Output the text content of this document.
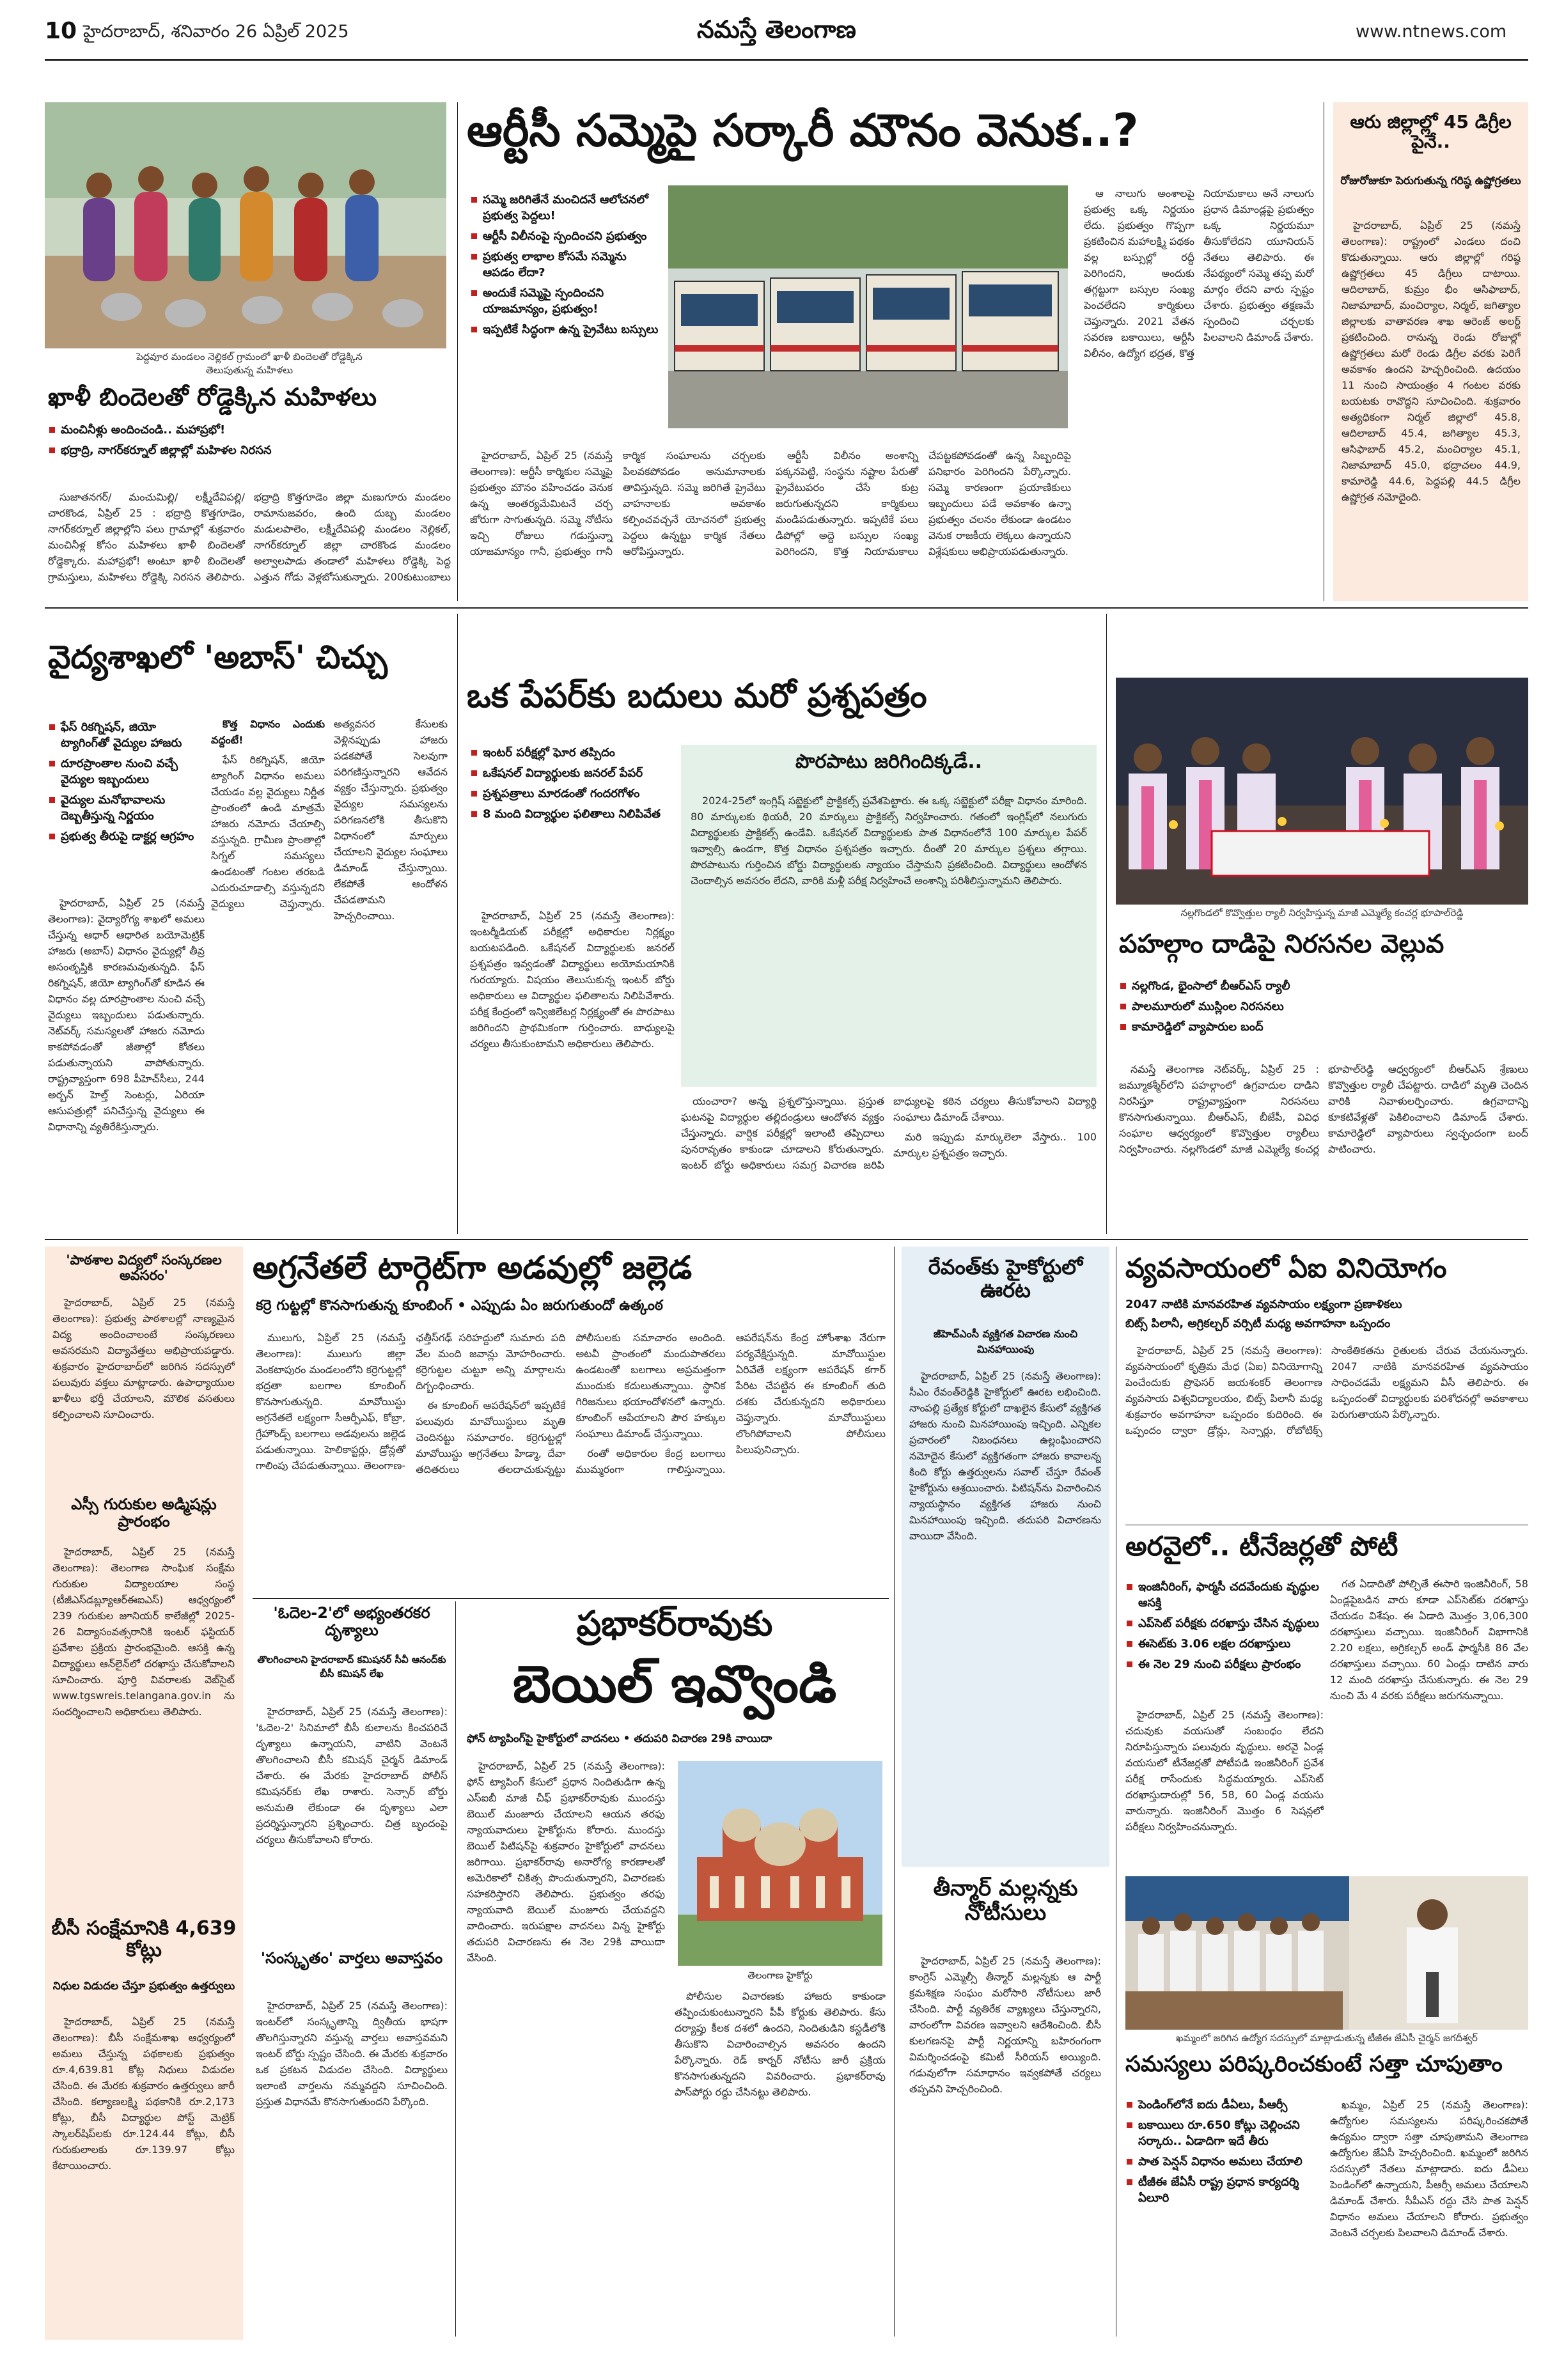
10 హైదరాబాద్, శనివారం 26 ఏప్రిల్ 2025	నమస్తే తెలంగాణ	www.ntnews.com
పెద్దవూర మండలం నెల్లికల్ గ్రామంలో ఖాళీ బిందెలతో రోడ్డెక్కిన తెలుపుతున్న మహిళలు
ఖాళీ బిందెలతో రోడ్డెక్కిన మహిళలు
మంచినీళ్లు అందించండి.. మహాప్రభో!
భద్రాద్రి, నాగర్‌కర్నూల్ జిల్లాల్లో మహిళల నిరసన

సుజాతనగర్/ మంచుమిల్లి/ లక్ష్మీదేవిపల్లి/ చారకొండ, ఏప్రిల్ 25 : భద్రాద్రి కొత్తగూడెం, నాగర్‌కర్నూల్ జిల్లాల్లోని పలు గ్రామాల్లో శుక్రవారం మంచినీళ్ల కోసం మహిళలు ఖాళీ బిందెలతో రోడ్డెక్కారు. మహాప్రభో! అంటూ ఖాళీ బిందెలతో గ్రామస్తులు, మహిళలు రోడ్డెక్కి నిరసన తెలిపారు. భద్రాద్రి కొత్తగూడెం జిల్లా మణుగూరు మండలం రామానుజవరం, ఉంది దుబ్బ మండలం మడులపాలెం, లక్ష్మీదేవిపల్లి మండలం నెల్లికల్, నాగర్‌కర్నూల్ జిల్లా చారకొండ మండలం అల్వాలపాడు తండాలో మహిళలు రోడ్డెక్కి పెద్ద ఎత్తున గోడు వెళ్లబోసుకున్నారు. 200కుటుంబాలు

ఆర్టీసీ సమ్మెపై సర్కారీ మౌనం వెనుక..?
సమ్మె జరిగితేనే మంచిదనే ఆలోచనలో ప్రభుత్వ పెద్దలు!
ఆర్టీసీ విలీనంపై స్పందించని ప్రభుత్వం
ప్రభుత్వ లాభాల కోసమే సమ్మెను ఆపడం లేదా?
అందుకే సమ్మెపై స్పందించని యాజమాన్యం, ప్రభుత్వం!
ఇప్పటికే సిద్ధంగా ఉన్న ప్రైవేటు బస్సులు

హైదరాబాద్, ఏప్రిల్ 25 (నమస్తే తెలంగాణ): ఆర్టీసీ కార్మికుల సమ్మెపై ప్రభుత్వం మౌనం వహించడం వెనుక ఉన్న ఆంతర్యమేమిటనే చర్చ జోరుగా సాగుతున్నది. సమ్మె నోటీసు ఇచ్చి రోజులు గడుస్తున్నా యాజమాన్యం గానీ, ప్రభుత్వం గానీ కార్మిక సంఘాలను చర్చలకు పిలవకపోవడం అనుమానాలకు తావిస్తున్నది. సమ్మె జరిగితే ప్రైవేటు వాహనాలకు అవకాశం కల్పించవచ్చనే యోచనలో ప్రభుత్వ పెద్దలు ఉన్నట్టు కార్మిక నేతలు ఆరోపిస్తున్నారు.

ఆర్టీసీ విలీనం అంశాన్ని పక్కనపెట్టి, సంస్థను నష్టాల పేరుతో ప్రైవేటుపరం చేసే కుట్ర జరుగుతున్నదని కార్మికులు మండిపడుతున్నారు. ఇప్పటికే పలు డిపోల్లో అద్దె బస్సుల సంఖ్య పెరిగిందని, కొత్త నియామకాలు చేపట్టకపోవడంతో ఉన్న సిబ్బందిపై పనిభారం పెరిగిందని పేర్కొన్నారు. సమ్మె కారణంగా ప్రయాణికులు ఇబ్బందులు పడే అవకాశం ఉన్నా ప్రభుత్వం చలనం లేకుండా ఉండటం వెనుక రాజకీయ లెక్కలు ఉన్నాయని విశ్లేషకులు అభిప్రాయపడుతున్నారు.

ఆ నాలుగు అంశాలపై ప్రభుత్వ ఒక్క నిర్ణయం లేదు. ప్రభుత్వం గొప్పగా ప్రకటించిన మహాలక్ష్మి పథకం వల్ల బస్సుల్లో రద్దీ పెరిగిందని, అందుకు తగ్గట్టుగా బస్సుల సంఖ్య పెంచలేదని కార్మికులు చెప్తున్నారు. 2021 వేతన సవరణ బకాయిలు, ఆర్టీసీ విలీనం, ఉద్యోగ భద్రత, కొత్త నియామకాలు అనే నాలుగు ప్రధాన డిమాండ్లపై ప్రభుత్వం ఒక్క నిర్ణయమూ తీసుకోలేదని యూనియన్ నేతలు తెలిపారు. ఈ నేపథ్యంలో సమ్మె తప్ప మరో మార్గం లేదని వారు స్పష్టం చేశారు. ప్రభుత్వం తక్షణమే స్పందించి చర్చలకు పిలవాలని డిమాండ్ చేశారు.

ఆరు జిల్లాల్లో 45 డిగ్రీల పైనే..
రోజురోజుకూ పెరుగుతున్న గరిష్ఠ ఉష్ణోగ్రతలు

హైదరాబాద్, ఏప్రిల్ 25 (నమస్తే తెలంగాణ): రాష్ట్రంలో ఎండలు దంచి కొడుతున్నాయి. ఆరు జిల్లాల్లో గరిష్ఠ ఉష్ణోగ్రతలు 45 డిగ్రీలు దాటాయి. ఆదిలాబాద్, కుమ్రం భీం ఆసిఫాబాద్, నిజామాబాద్, మంచిర్యాల, నిర్మల్, జగిత్యాల జిల్లాలకు వాతావరణ శాఖ ఆరెంజ్ అలర్ట్ ప్రకటించింది. రానున్న రెండు రోజుల్లో ఉష్ణోగ్రతలు మరో రెండు డిగ్రీల వరకు పెరిగే అవకాశం ఉందని హెచ్చరించింది. ఉదయం 11 నుంచి సాయంత్రం 4 గంటల వరకు బయటకు రావొద్దని సూచించింది. శుక్రవారం అత్యధికంగా నిర్మల్ జిల్లాలో 45.8, ఆదిలాబాద్ 45.4, జగిత్యాల 45.3, ఆసిఫాబాద్ 45.2, మంచిర్యాల 45.1, నిజామాబాద్ 45.0, భద్రాచలం 44.9, కామారెడ్డి 44.6, పెద్దపల్లి 44.5 డిగ్రీల ఉష్ణోగ్రత నమోదైంది.

వైద్యశాఖలో 'అబాస్' చిచ్చు
ఫేస్ రికగ్నిషన్, జియో ట్యాగింగ్‌తో వైద్యుల హాజరు
దూరప్రాంతాల నుంచి వచ్చే వైద్యుల ఇబ్బందులు
వైద్యుల మనోభావాలను దెబ్బతీస్తున్న నిర్ణయం
ప్రభుత్వ తీరుపై డాక్టర్ల ఆగ్రహం

హైదరాబాద్, ఏప్రిల్ 25 (నమస్తే తెలంగాణ): వైద్యారోగ్య శాఖలో అమలు చేస్తున్న ఆధార్ ఆధారిత బయోమెట్రిక్ హాజరు (అబాస్) విధానం వైద్యుల్లో తీవ్ర అసంతృప్తికి కారణమవుతున్నది. ఫేస్ రికగ్నిషన్, జియో ట్యాగింగ్‌తో కూడిన ఈ విధానం వల్ల దూరప్రాంతాల నుంచి వచ్చే వైద్యులు ఇబ్బందులు పడుతున్నారు. నెట్‌వర్క్ సమస్యలతో హాజరు నమోదు కాకపోవడంతో జీతాల్లో కోతలు పడుతున్నాయని వాపోతున్నారు. రాష్ట్రవ్యాప్తంగా 698 పీహెచ్‌సీలు, 244 అర్బన్ హెల్త్ సెంటర్లు, ఏరియా ఆసుపత్రుల్లో పనిచేస్తున్న వైద్యులు ఈ విధానాన్ని వ్యతిరేకిస్తున్నారు.

కొత్త విధానం ఎందుకు వద్దంటే!

ఫేస్ రికగ్నిషన్, జియో ట్యాగింగ్ విధానం అమలు చేయడం వల్ల వైద్యులు నిర్ణీత ప్రాంతంలో ఉండి మాత్రమే హాజరు నమోదు చేయాల్సి వస్తున్నది. గ్రామీణ ప్రాంతాల్లో సిగ్నల్ సమస్యలు ఉండటంతో గంటల తరబడి ఎదురుచూడాల్సి వస్తున్నదని వైద్యులు చెప్తున్నారు. అత్యవసర కేసులకు వెళ్లినప్పుడు హాజరు పడకపోతే సెలవుగా పరిగణిస్తున్నారని ఆవేదన వ్యక్తం చేస్తున్నారు. ప్రభుత్వం వైద్యుల సమస్యలను పరిగణనలోకి తీసుకొని విధానంలో మార్పులు చేయాలని వైద్యుల సంఘాలు డిమాండ్ చేస్తున్నాయి. లేకపోతే ఆందోళన చేపడతామని హెచ్చరించాయి.

ఒక పేపర్‌కు బదులు మరో ప్రశ్నపత్రం
ఇంటర్ పరీక్షల్లో ఘోర తప్పిదం
ఒకేషనల్ విద్యార్థులకు జనరల్ పేపర్
ప్రశ్నపత్రాలు మారడంతో గందరగోళం
8 మంది విద్యార్థుల ఫలితాలు నిలిపివేత

హైదరాబాద్, ఏప్రిల్ 25 (నమస్తే తెలంగాణ): ఇంటర్మీడియట్ పరీక్షల్లో అధికారుల నిర్లక్ష్యం బయటపడింది. ఒకేషనల్ విద్యార్థులకు జనరల్ ప్రశ్నపత్రం ఇవ్వడంతో విద్యార్థులు అయోమయానికి గురయ్యారు. విషయం తెలుసుకున్న ఇంటర్ బోర్డు అధికారులు ఆ విద్యార్థుల ఫలితాలను నిలిపివేశారు. పరీక్ష కేంద్రంలో ఇన్విజిలేటర్ల నిర్లక్ష్యంతో ఈ పొరపాటు జరిగిందని ప్రాథమికంగా గుర్తించారు. బాధ్యులపై చర్యలు తీసుకుంటామని అధికారులు తెలిపారు.

పొరపాటు జరిగిందిక్కడే..

2024-25లో ఇంగ్లిష్ సబ్జెక్టులో ప్రాక్టికల్స్ ప్రవేశపెట్టారు. ఈ ఒక్క సబ్జెక్టులో పరీక్షా విధానం మారింది. 80 మార్కులకు థియరీ, 20 మార్కులు ప్రాక్టికల్స్ నిర్వహించారు. గతంలో ఇంగ్లిష్‌లో నలుగురు విద్యార్థులకు ప్రాక్టికల్స్ ఉండేవి. ఒకేషనల్ విద్యార్థులకు పాత విధానంలోనే 100 మార్కుల పేపర్ ఇవ్వాల్సి ఉండగా, కొత్త విధానం ప్రశ్నపత్రం ఇచ్చారు. దీంతో 20 మార్కుల ప్రశ్నలు తగ్గాయి. పొరపాటును గుర్తించిన బోర్డు విద్యార్థులకు న్యాయం చేస్తామని ప్రకటించింది. విద్యార్థులు ఆందోళన చెందాల్సిన అవసరం లేదని, వారికి మళ్లీ పరీక్ష నిర్వహించే అంశాన్ని పరిశీలిస్తున్నామని తెలిపారు.

యంచారా? అన్న ప్రశ్నలొస్తున్నాయి. ప్రస్తుత ఘటనపై విద్యార్థుల తల్లిదండ్రులు ఆందోళన వ్యక్తం చేస్తున్నారు. వార్షిక పరీక్షల్లో ఇలాంటి తప్పిదాలు పునరావృతం కాకుండా చూడాలని కోరుతున్నారు. ఇంటర్ బోర్డు అధికారులు సమగ్ర విచారణ జరిపి బాధ్యులపై కఠిన చర్యలు తీసుకోవాలని విద్యార్థి సంఘాలు డిమాండ్ చేశాయి.

మరి ఇప్పుడు మార్కులెలా వేస్తారు.. 100 మార్కుల ప్రశ్నపత్రం ఇచ్చారు.

నల్లగొండలో కొవ్వొత్తుల ర్యాలీ నిర్వహిస్తున్న మాజీ ఎమ్మెల్యే కంచర్ల భూపాల్‌రెడ్డి
పహల్గాం దాడిపై నిరసనల వెల్లువ
నల్లగొండ, భైంసాలో బీఆర్‌ఎస్ ర్యాలీ
పాలమూరులో ముస్లింల నిరసనలు
కామారెడ్డిలో వ్యాపారుల బంద్

నమస్తే తెలంగాణ నెట్‌వర్క్, ఏప్రిల్ 25 : జమ్మూకశ్మీర్‌లోని పహల్గాంలో ఉగ్రవాదుల దాడిని నిరసిస్తూ రాష్ట్రవ్యాప్తంగా నిరసనలు కొనసాగుతున్నాయి. బీఆర్‌ఎస్, బీజేపీ, వివిధ సంఘాల ఆధ్వర్యంలో కొవ్వొత్తుల ర్యాలీలు నిర్వహించారు. నల్లగొండలో మాజీ ఎమ్మెల్యే కంచర్ల భూపాల్‌రెడ్డి ఆధ్వర్యంలో బీఆర్‌ఎస్ శ్రేణులు కొవ్వొత్తుల ర్యాలీ చేపట్టారు. దాడిలో మృతి చెందిన వారికి నివాళులర్పించారు. ఉగ్రవాదాన్ని కూకటివేళ్లతో పెకిలించాలని డిమాండ్ చేశారు. కామారెడ్డిలో వ్యాపారులు స్వచ్ఛందంగా బంద్ పాటించారు.

'పాఠశాల విద్యలో సంస్కరణల అవసరం'

హైదరాబాద్, ఏప్రిల్ 25 (నమస్తే తెలంగాణ): ప్రభుత్వ పాఠశాలల్లో నాణ్యమైన విద్య అందించాలంటే సంస్కరణలు అవసరమని విద్యావేత్తలు అభిప్రాయపడ్డారు. శుక్రవారం హైదరాబాద్‌లో జరిగిన సదస్సులో పలువురు వక్తలు మాట్లాడారు. ఉపాధ్యాయుల ఖాళీలు భర్తీ చేయాలని, మౌలిక వసతులు కల్పించాలని సూచించారు.

ఎస్సీ గురుకుల అడ్మిషన్లు ప్రారంభం

హైదరాబాద్, ఏప్రిల్ 25 (నమస్తే తెలంగాణ): తెలంగాణ సాంఘిక సంక్షేమ గురుకుల విద్యాలయాల సంస్థ (టీజీఎస్‌డబ్ల్యూఆర్‌ఈఐఎస్) ఆధ్వర్యంలో 239 గురుకుల జూనియర్ కాలేజీల్లో 2025-26 విద్యాసంవత్సరానికి ఇంటర్ ఫస్టియర్ ప్రవేశాల ప్రక్రియ ప్రారంభమైంది. ఆసక్తి ఉన్న విద్యార్థులు ఆన్‌లైన్‌లో దరఖాస్తు చేసుకోవాలని సూచించారు. పూర్తి వివరాలకు వెబ్‌సైట్ www.tgswreis.telangana.gov.in ను సందర్శించాలని అధికారులు తెలిపారు.

బీసీ సంక్షేమానికి 4,639 కోట్లు
నిధుల విడుదల చేస్తూ ప్రభుత్వం ఉత్తర్వులు

హైదరాబాద్, ఏప్రిల్ 25 (నమస్తే తెలంగాణ): బీసీ సంక్షేమశాఖ ఆధ్వర్యంలో అమలు చేస్తున్న పథకాలకు ప్రభుత్వం రూ.4,639.81 కోట్ల నిధులు విడుదల చేసింది. ఈ మేరకు శుక్రవారం ఉత్తర్వులు జారీ చేసింది. కల్యాణలక్ష్మి పథకానికి రూ.2,173 కోట్లు, బీసీ విద్యార్థుల పోస్ట్ మెట్రిక్ స్కాలర్‌షిప్‌లకు రూ.124.44 కోట్లు, బీసీ గురుకులాలకు రూ.139.97 కోట్లు కేటాయించారు.

అగ్రనేతలే టార్గెట్‌గా అడవుల్లో జల్లెడ
కర్రె గుట్టల్లో కొనసాగుతున్న కూంబింగ్ • ఎప్పుడు ఏం జరుగుతుందో ఉత్కంఠ

ములుగు, ఏప్రిల్ 25 (నమస్తే తెలంగాణ): ములుగు జిల్లా వెంకటాపురం మండలంలోని కర్రెగుట్టల్లో భద్రతా బలగాల కూంబింగ్ కొనసాగుతున్నది. మావోయిస్టు అగ్రనేతలే లక్ష్యంగా సీఆర్పీఎఫ్, కోబ్రా, గ్రేహౌండ్స్ బలగాలు అడవులను జల్లెడ పడుతున్నాయి. హెలికాప్టర్లు, డ్రోన్లతో గాలింపు చేపడుతున్నాయి. తెలంగాణ-ఛత్తీస్‌గఢ్ సరిహద్దులో సుమారు పది వేల మంది జవాన్లు మోహరించారు. కర్రెగుట్టల చుట్టూ అన్ని మార్గాలను దిగ్బంధించారు.

ఈ కూంబింగ్ ఆపరేషన్‌లో ఇప్పటికే పలువురు మావోయిస్టులు మృతి చెందినట్టు సమాచారం. కర్రెగుట్టల్లో మావోయిస్టు అగ్రనేతలు హిడ్మా, దేవా తదితరులు తలదాచుకున్నట్టు పోలీసులకు సమాచారం అందింది. అటవీ ప్రాంతంలో మందుపాతరలు ఉండటంతో బలగాలు అప్రమత్తంగా ముందుకు కదులుతున్నాయి. స్థానిక గిరిజనులు భయాందోళనలో ఉన్నారు. కూంబింగ్ ఆపేయాలని పౌర హక్కుల సంఘాలు డిమాండ్ చేస్తున్నాయి.

రంతో అధికారుల కేంద్ర బలగాలు ముమ్మరంగా గాలిస్తున్నాయి. ఆపరేషన్‌ను కేంద్ర హోంశాఖ నేరుగా పర్యవేక్షిస్తున్నది. మావోయిస్టుల ఏరివేతే లక్ష్యంగా ఆపరేషన్ కగార్ పేరిట చేపట్టిన ఈ కూంబింగ్ తుది దశకు చేరుకున్నదని అధికారులు చెప్తున్నారు. మావోయిస్టులు లొంగిపోవాలని పోలీసులు పిలుపునిచ్చారు.

'ఓదెల-2'లో అభ్యంతరకర దృశ్యాలు
తొలగించాలని హైదరాబాద్ కమిషనర్ సీవీ ఆనంద్‌కు బీసీ కమిషన్ లేఖ

హైదరాబాద్, ఏప్రిల్ 25 (నమస్తే తెలంగాణ): 'ఓదెల-2' సినిమాలో బీసీ కులాలను కించపరిచే దృశ్యాలు ఉన్నాయని, వాటిని వెంటనే తొలగించాలని బీసీ కమిషన్ చైర్మన్ డిమాండ్ చేశారు. ఈ మేరకు హైదరాబాద్ పోలీస్ కమిషనర్‌కు లేఖ రాశారు. సెన్సార్ బోర్డు అనుమతి లేకుండా ఈ దృశ్యాలు ఎలా ప్రదర్శిస్తున్నారని ప్రశ్నించారు. చిత్ర బృందంపై చర్యలు తీసుకోవాలని కోరారు.

'సంస్కృతం' వార్తలు అవాస్తవం

హైదరాబాద్, ఏప్రిల్ 25 (నమస్తే తెలంగాణ): ఇంటర్‌లో సంస్కృతాన్ని ద్వితీయ భాషగా తొలగిస్తున్నారని వస్తున్న వార్తలు అవాస్తవమని ఇంటర్ బోర్డు స్పష్టం చేసింది. ఈ మేరకు శుక్రవారం ఒక ప్రకటన విడుదల చేసింది. విద్యార్థులు ఇలాంటి వార్తలను నమ్మవద్దని సూచించింది. ప్రస్తుత విధానమే కొనసాగుతుందని పేర్కొంది.

ప్రభాకర్‌రావుకు
బెయిల్ ఇవ్వొండి
ఫోన్ ట్యాపింగ్‌పై హైకోర్టులో వాదనలు • తదుపరి విచారణ 29కి వాయిదా

హైదరాబాద్, ఏప్రిల్ 25 (నమస్తే తెలంగాణ): ఫోన్ ట్యాపింగ్ కేసులో ప్రధాన నిందితుడిగా ఉన్న ఎస్‌ఐబీ మాజీ చీఫ్ ప్రభాకర్‌రావుకు ముందస్తు బెయిల్ మంజూరు చేయాలని ఆయన తరఫు న్యాయవాదులు హైకోర్టును కోరారు. ముందస్తు బెయిల్ పిటిషన్‌పై శుక్రవారం హైకోర్టులో వాదనలు జరిగాయి. ప్రభాకర్‌రావు అనారోగ్య కారణాలతో అమెరికాలో చికిత్స పొందుతున్నారని, విచారణకు సహకరిస్తారని తెలిపారు. ప్రభుత్వం తరఫు న్యాయవాది బెయిల్ మంజూరు చేయవద్దని వాదించారు. ఇరుపక్షాల వాదనలు విన్న హైకోర్టు తదుపరి విచారణను ఈ నెల 29కి వాయిదా వేసింది.

తెలంగాణ హైకోర్టు

పోలీసుల విచారణకు హాజరు కాకుండా తప్పించుకుంటున్నారని పీపీ కోర్టుకు తెలిపారు. కేసు దర్యాప్తు కీలక దశలో ఉందని, నిందితుడిని కస్టడీలోకి తీసుకొని విచారించాల్సిన అవసరం ఉందని పేర్కొన్నారు. రెడ్ కార్నర్ నోటీసు జారీ ప్రక్రియ కొనసాగుతున్నదని వివరించారు. ప్రభాకర్‌రావు పాస్‌పోర్టు రద్దు చేసినట్టు తెలిపారు.

రేవంత్‌కు హైకోర్టులో ఊరట
జీహెచ్‌ఎంసీ వ్యక్తిగత విచారణ నుంచి మినహాయింపు

హైదరాబాద్, ఏప్రిల్ 25 (నమస్తే తెలంగాణ): సీఎం రేవంత్‌రెడ్డికి హైకోర్టులో ఊరట లభించింది. నాంపల్లి ప్రత్యేక కోర్టులో దాఖలైన కేసులో వ్యక్తిగత హాజరు నుంచి మినహాయింపు ఇచ్చింది. ఎన్నికల ప్రచారంలో నిబంధనలు ఉల్లంఘించారని నమోదైన కేసులో వ్యక్తిగతంగా హాజరు కావాలన్న కింది కోర్టు ఉత్తర్వులను సవాల్ చేస్తూ రేవంత్ హైకోర్టును ఆశ్రయించారు. పిటిషన్‌ను విచారించిన న్యాయస్థానం వ్యక్తిగత హాజరు నుంచి మినహాయింపు ఇచ్చింది. తదుపరి విచారణను వాయిదా వేసింది.

తీన్మార్ మల్లన్నకు నోటీసులు

హైదరాబాద్, ఏప్రిల్ 25 (నమస్తే తెలంగాణ): కాంగ్రెస్ ఎమ్మెల్సీ తీన్మార్ మల్లన్నకు ఆ పార్టీ క్రమశిక్షణ సంఘం మరోసారి నోటీసులు జారీ చేసింది. పార్టీ వ్యతిరేక వ్యాఖ్యలు చేస్తున్నారని, వారంలోగా వివరణ ఇవ్వాలని ఆదేశించింది. బీసీ కులగణనపై పార్టీ నిర్ణయాన్ని బహిరంగంగా విమర్శించడంపై కమిటీ సీరియస్ అయ్యింది. గడువులోగా సమాధానం ఇవ్వకపోతే చర్యలు తప్పవని హెచ్చరించింది.

వ్యవసాయంలో ఏఐ వినియోగం
2047 నాటికి మానవరహిత వ్యవసాయం లక్ష్యంగా ప్రణాళికలు
బిట్స్ పిలానీ, అగ్రికల్చర్ వర్సిటీ మధ్య అవగాహనా ఒప్పందం

హైదరాబాద్, ఏప్రిల్ 25 (నమస్తే తెలంగాణ): వ్యవసాయంలో కృత్రిమ మేధ (ఏఐ) వినియోగాన్ని పెంచేందుకు ప్రొఫెసర్ జయశంకర్ తెలంగాణ వ్యవసాయ విశ్వవిద్యాలయం, బిట్స్ పిలానీ మధ్య శుక్రవారం అవగాహనా ఒప్పందం కుదిరింది. ఈ ఒప్పందం ద్వారా డ్రోన్లు, సెన్సార్లు, రోబోటిక్స్ సాంకేతికతను రైతులకు చేరువ చేయనున్నారు. 2047 నాటికి మానవరహిత వ్యవసాయం సాధించడమే లక్ష్యమని వీసీ తెలిపారు. ఈ ఒప్పందంతో విద్యార్థులకు పరిశోధనల్లో అవకాశాలు పెరుగుతాయని పేర్కొన్నారు.

అరవైలో.. టీనేజర్లతో పోటీ
ఇంజినీరింగ్, ఫార్మసీ చదవేందుకు వృద్ధుల ఆసక్తి
ఎప్‌సెట్ పరీక్షకు దరఖాస్తు చేసిన వృద్ధులు
ఈసెట్‌కు 3.06 లక్షల దరఖాస్తులు
ఈ నెల 29 నుంచి పరీక్షలు ప్రారంభం

గత ఏడాదితో పోల్చితే ఈసారి ఇంజినీరింగ్, 58 ఏండ్లపైబడిన వారు కూడా ఎప్‌సెట్‌కు దరఖాస్తు చేయడం విశేషం. ఈ ఏడాది మొత్తం 3,06,300 దరఖాస్తులు వచ్చాయి. ఇంజినీరింగ్ విభాగానికి 2.20 లక్షలు, అగ్రికల్చర్ అండ్ ఫార్మసీకి 86 వేల దరఖాస్తులు వచ్చాయి. 60 ఏండ్లు దాటిన వారు 12 మంది దరఖాస్తు చేసుకున్నారు. ఈ నెల 29 నుంచి మే 4 వరకు పరీక్షలు జరుగనున్నాయి.

హైదరాబాద్, ఏప్రిల్ 25 (నమస్తే తెలంగాణ): చదువుకు వయసుతో సంబంధం లేదని నిరూపిస్తున్నారు పలువురు వృద్ధులు. అరవై ఏండ్ల వయసులో టీనేజర్లతో పోటీపడి ఇంజినీరింగ్ ప్రవేశ పరీక్ష రాసేందుకు సిద్ధమయ్యారు. ఎప్‌సెట్ దరఖాస్తుదారుల్లో 56, 58, 60 ఏండ్ల వయసు వారున్నారు. ఇంజినీరింగ్ మొత్తం 6 సెషన్లలో పరీక్షలు నిర్వహించనున్నారు.

ఖమ్మంలో జరిగిన ఉద్యోగ సదస్సులో మాట్లాడుతున్న టీజీఈ జేఏసీ చైర్మన్ జగదీశ్వర్
సమస్యలు పరిష్కరించకుంటే సత్తా చూపుతాం
పెండింగ్‌లోనే ఐదు డీఏలు, పీఆర్సీ
బకాయిలు రూ.650 కోట్లు చెల్లించని సర్కారు.. ఏడాదిగా ఇదే తీరు
పాత పెన్షన్ విధానం అమలు చేయాలి
టీజీఈ జేఏసీ రాష్ట్ర ప్రధాన కార్యదర్శి ఏలూరి

ఖమ్మం, ఏప్రిల్ 25 (నమస్తే తెలంగాణ): ఉద్యోగుల సమస్యలను పరిష్కరించకపోతే ఉద్యమం ద్వారా సత్తా చూపుతామని తెలంగాణ ఉద్యోగుల జేఏసీ హెచ్చరించింది. ఖమ్మంలో జరిగిన సదస్సులో నేతలు మాట్లాడారు. ఐదు డీఏలు పెండింగ్‌లో ఉన్నాయని, పీఆర్సీ అమలు చేయాలని డిమాండ్ చేశారు. సీపీఎస్ రద్దు చేసి పాత పెన్షన్ విధానం అమలు చేయాలని కోరారు. ప్రభుత్వం వెంటనే చర్చలకు పిలవాలని డిమాండ్ చేశారు.
